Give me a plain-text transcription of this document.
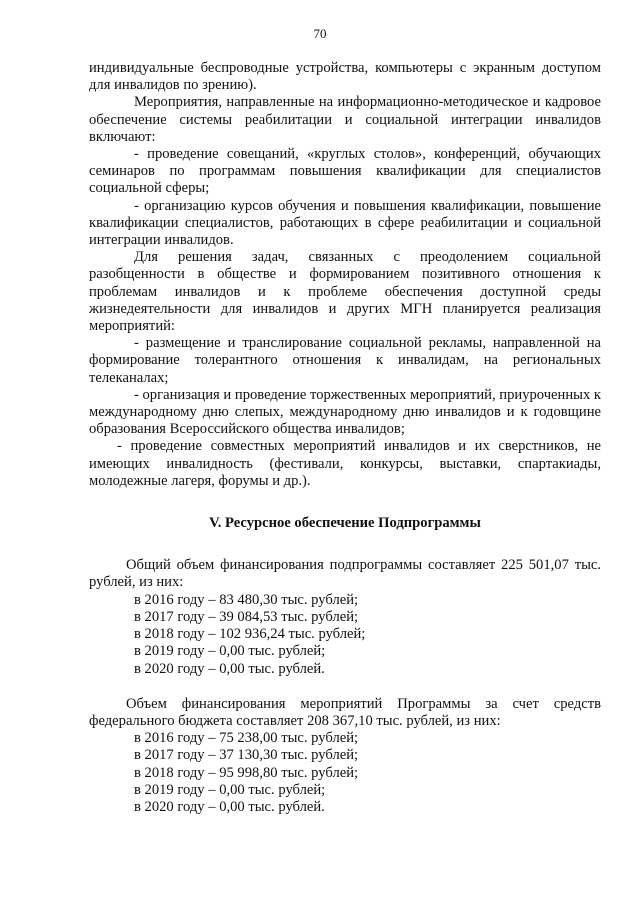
70

индивидуальные беспроводные устройства, компьютеры с экранным доступом для инвалидов по зрению).

Мероприятия, направленные на информационно-методическое и кадровое обеспечение системы реабилитации и социальной интеграции инвалидов включают:

- проведение совещаний, «круглых столов», конференций, обучающих семинаров по программам повышения квалификации для специалистов социальной сферы;

- организацию курсов обучения и повышения квалификации, повышение квалификации специалистов, работающих в сфере реабилитации и социальной интеграции инвалидов.

Для решения задач, связанных с преодолением социальной разобщенности в обществе и формированием позитивного отношения к проблемам инвалидов и к проблеме обеспечения доступной среды жизнедеятельности для инвалидов и других МГН планируется реализация мероприятий:

- размещение и транслирование социальной рекламы, направленной на формирование толерантного отношения к инвалидам, на региональных телеканалах;

- организация и проведение торжественных мероприятий, приуроченных к международному дню слепых, международному дню инвалидов и к годовщине образования Всероссийского общества инвалидов;

- проведение совместных мероприятий инвалидов и их сверстников, не имеющих инвалидность (фестивали, конкурсы, выставки, спартакиады, молодежные лагеря, форумы и др.).

V. Ресурсное обеспечение Подпрограммы

Общий объем финансирования подпрограммы составляет 225 501,07 тыс. рублей, из них:

в 2016 году – 83 480,30 тыс. рублей;

в 2017 году – 39 084,53 тыс. рублей;

в 2018 году – 102 936,24 тыс. рублей;

в 2019 году – 0,00 тыс. рублей;

в 2020 году – 0,00 тыс. рублей.

Объем финансирования мероприятий Программы за счет средств федерального бюджета составляет 208 367,10 тыс. рублей, из них:

в 2016 году – 75 238,00 тыс. рублей;

в 2017 году – 37 130,30 тыс. рублей;

в 2018 году – 95 998,80 тыс. рублей;

в 2019 году – 0,00 тыс. рублей;

в 2020 году – 0,00 тыс. рублей.
